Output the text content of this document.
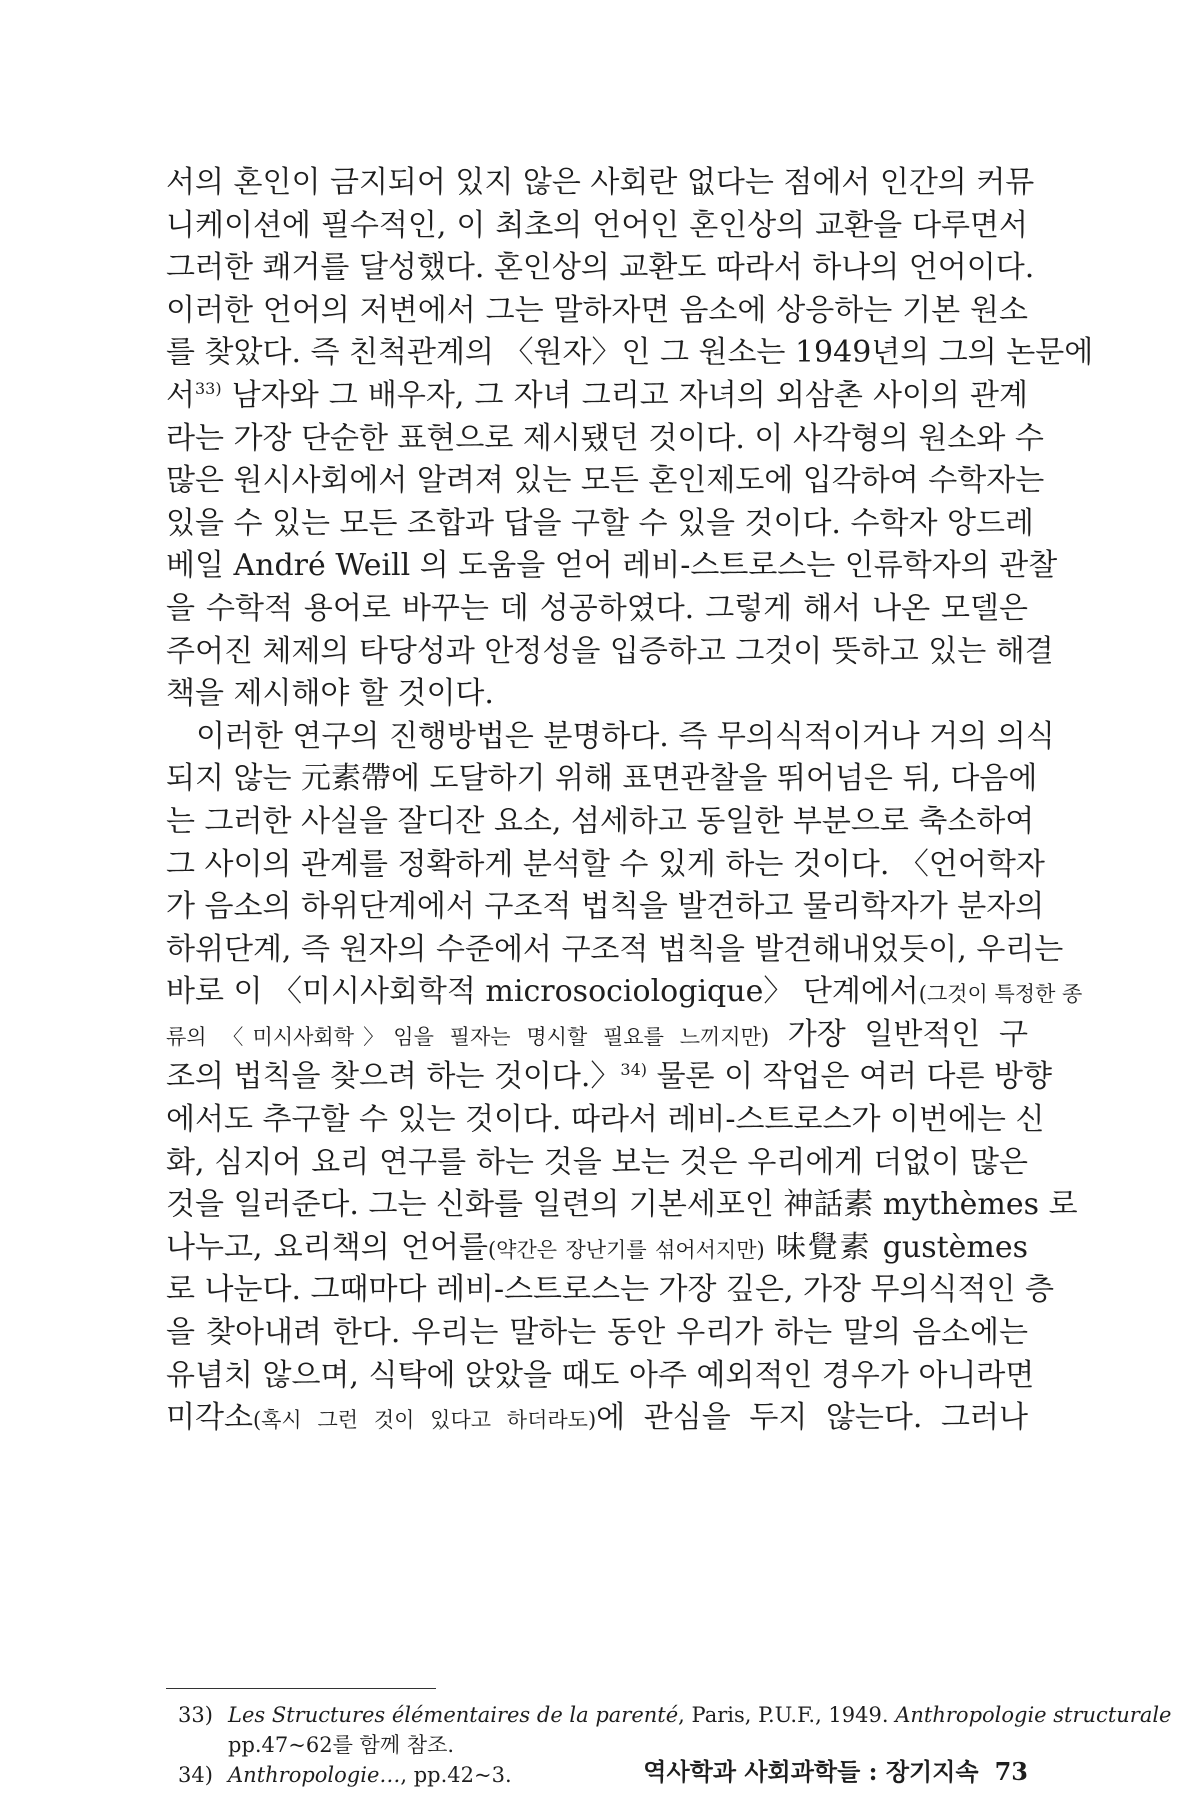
서의 혼인이 금지되어 있지 않은 사회란 없다는 점에서 인간의 커뮤
니케이션에 필수적인, 이 최초의 언어인 혼인상의 교환을 다루면서
그러한 쾌거를 달성했다. 혼인상의 교환도 따라서 하나의 언어이다.
이러한 언어의 저변에서 그는 말하자면 음소에 상응하는 기본 원소
를 찾았다. 즉 친척관계의 〈원자〉인 그 원소는 1949년의 그의 논문에
서$^{33)}$ 남자와 그 배우자, 그 자녀 그리고 자녀의 외삼촌 사이의 관계
라는 가장 단순한 표현으로 제시됐던 것이다. 이 사각형의 원소와 수
많은 원시사회에서 알려져 있는 모든 혼인제도에 입각하여 수학자는
있을 수 있는 모든 조합과 답을 구할 수 있을 것이다. 수학자 앙드레
베일 André Weill 의 도움을 얻어 레비-스트로스는 인류학자의 관찰
을 수학적 용어로 바꾸는 데 성공하였다. 그렇게 해서 나온 모델은
주어진 체제의 타당성과 안정성을 입증하고 그것이 뜻하고 있는 해결
책을 제시해야 할 것이다.
이러한 연구의 진행방법은 분명하다. 즉 무의식적이거나 거의 의식
되지 않는 元素帶에 도달하기 위해 표면관찰을 뛰어넘은 뒤, 다음에
는 그러한 사실을 잘디잔 요소, 섬세하고 동일한 부분으로 축소하여
그 사이의 관계를 정확하게 분석할 수 있게 하는 것이다. 〈언어학자
가 음소의 하위단계에서 구조적 법칙을 발견하고 물리학자가 분자의
하위단계, 즉 원자의 수준에서 구조적 법칙을 발견해내었듯이, 우리는
바로 이 〈미시사회학적 microsociologique〉 단계에서(그것이 특정한 종
류의 〈미시사회학〉임을 필자는 명시할 필요를 느끼지만) 가장 일반적인 구
조의 법칙을 찾으려 하는 것이다.〉$^{34)}$ 물론 이 작업은 여러 다른 방향
에서도 추구할 수 있는 것이다. 따라서 레비-스트로스가 이번에는 신
화, 심지어 요리 연구를 하는 것을 보는 것은 우리에게 더없이 많은
것을 일러준다. 그는 신화를 일련의 기본세포인 神話素 mythèmes 로
나누고, 요리책의 언어를(약간은 장난기를 섞어서지만) 味覺素 gustèmes
로 나눈다. 그때마다 레비-스트로스는 가장 깊은, 가장 무의식적인 층
을 찾아내려 한다. 우리는 말하는 동안 우리가 하는 말의 음소에는
유념치 않으며, 식탁에 앉았을 때도 아주 예외적인 경우가 아니라면
미각소(혹시 그런 것이 있다고 하더라도)에 관심을 두지 않는다. 그러나
33) Les Structures élémentaires de la parenté, Paris, P.U.F., 1949. Anthropologie structurale
pp.47~62를 함께 참조.
34) Anthropologie…, pp.42~3.	역사학과 사회과학들 : 장기지속 73
